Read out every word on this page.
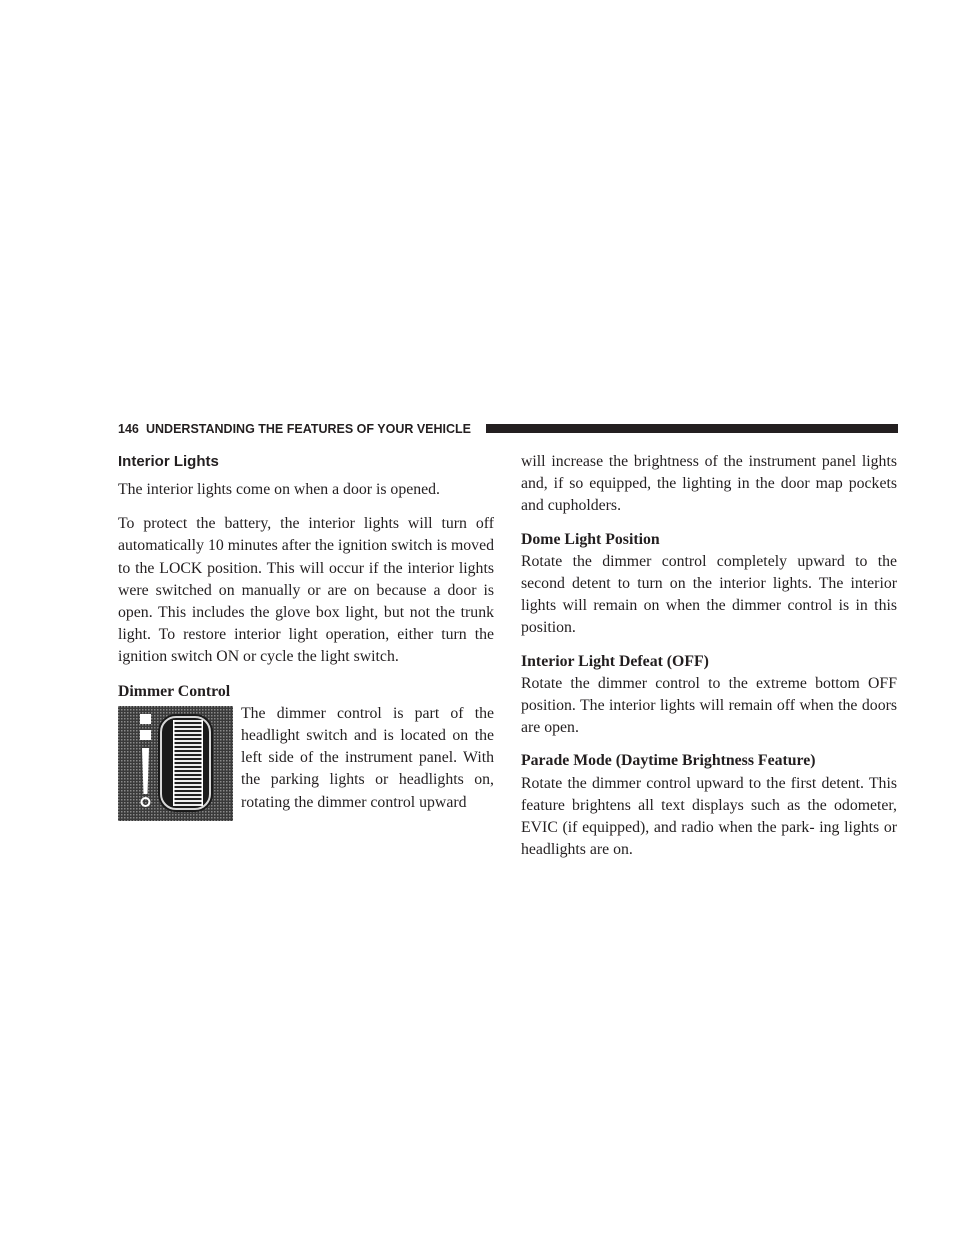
146 UNDERSTANDING THE FEATURES OF YOUR VEHICLE
Interior Lights

The interior lights come on when a door is opened.

To protect the battery, the interior lights will turn off automatically 10 minutes after the ignition switch is moved to the LOCK position. This will occur if the interior lights were switched on manually or are on because a door is open. This includes the glove box light, but not the trunk light. To restore interior light operation, either turn the ignition switch ON or cycle the light switch.

Dimmer Control

The dimmer control is part of the headlight switch and is located on the left side of the instrument panel. With the parking lights or headlights on, rotating the dimmer control upward

will increase the brightness of the instrument panel lights and, if so equipped, the lighting in the door map pockets and cupholders.

Dome Light Position

Rotate the dimmer control completely upward to the second detent to turn on the interior lights. The interior lights will remain on when the dimmer control is in this position.

Interior Light Defeat (OFF)

Rotate the dimmer control to the extreme bottom OFF position. The interior lights will remain off when the doors are open.

Parade Mode (Daytime Brightness Feature)

Rotate the dimmer control upward to the first detent. This feature brightens all text displays such as the odometer, EVIC (if equipped), and radio when the park- ing lights or headlights are on.
